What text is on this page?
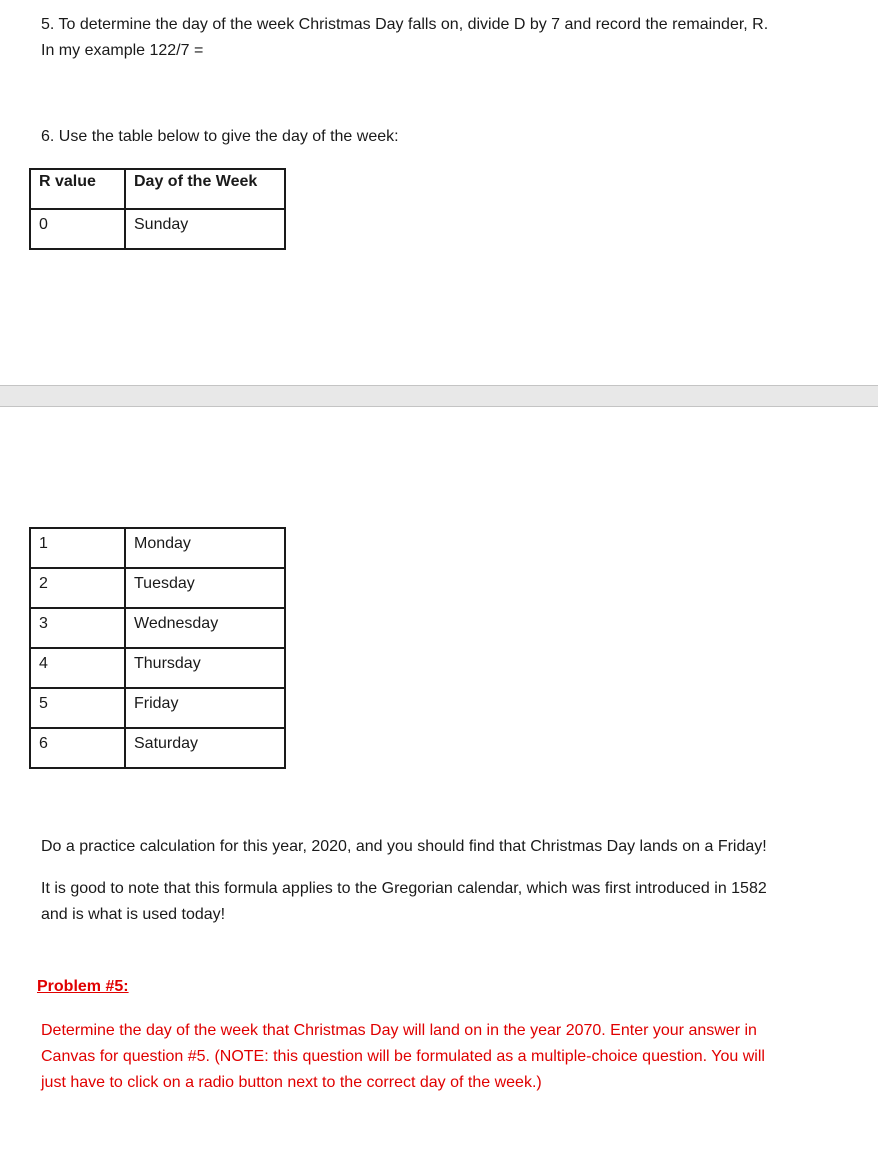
5. To determine the day of the week Christmas Day falls on, divide D by 7 and record the remainder, R.
In my example 122/7 =
6. Use the table below to give the day of the week:
R value	Day of the Week
0	Sunday
1	Monday
2	Tuesday
3	Wednesday
4	Thursday
5	Friday
6	Saturday
Do a practice calculation for this year, 2020, and you should find that Christmas Day lands on a Friday!
It is good to note that this formula applies to the Gregorian calendar, which was first introduced in 1582
and is what is used today!
Problem #5:
Determine the day of the week that Christmas Day will land on in the year 2070. Enter your answer in
Canvas for question #5. (NOTE: this question will be formulated as a multiple-choice question. You will
just have to click on a radio button next to the correct day of the week.)
